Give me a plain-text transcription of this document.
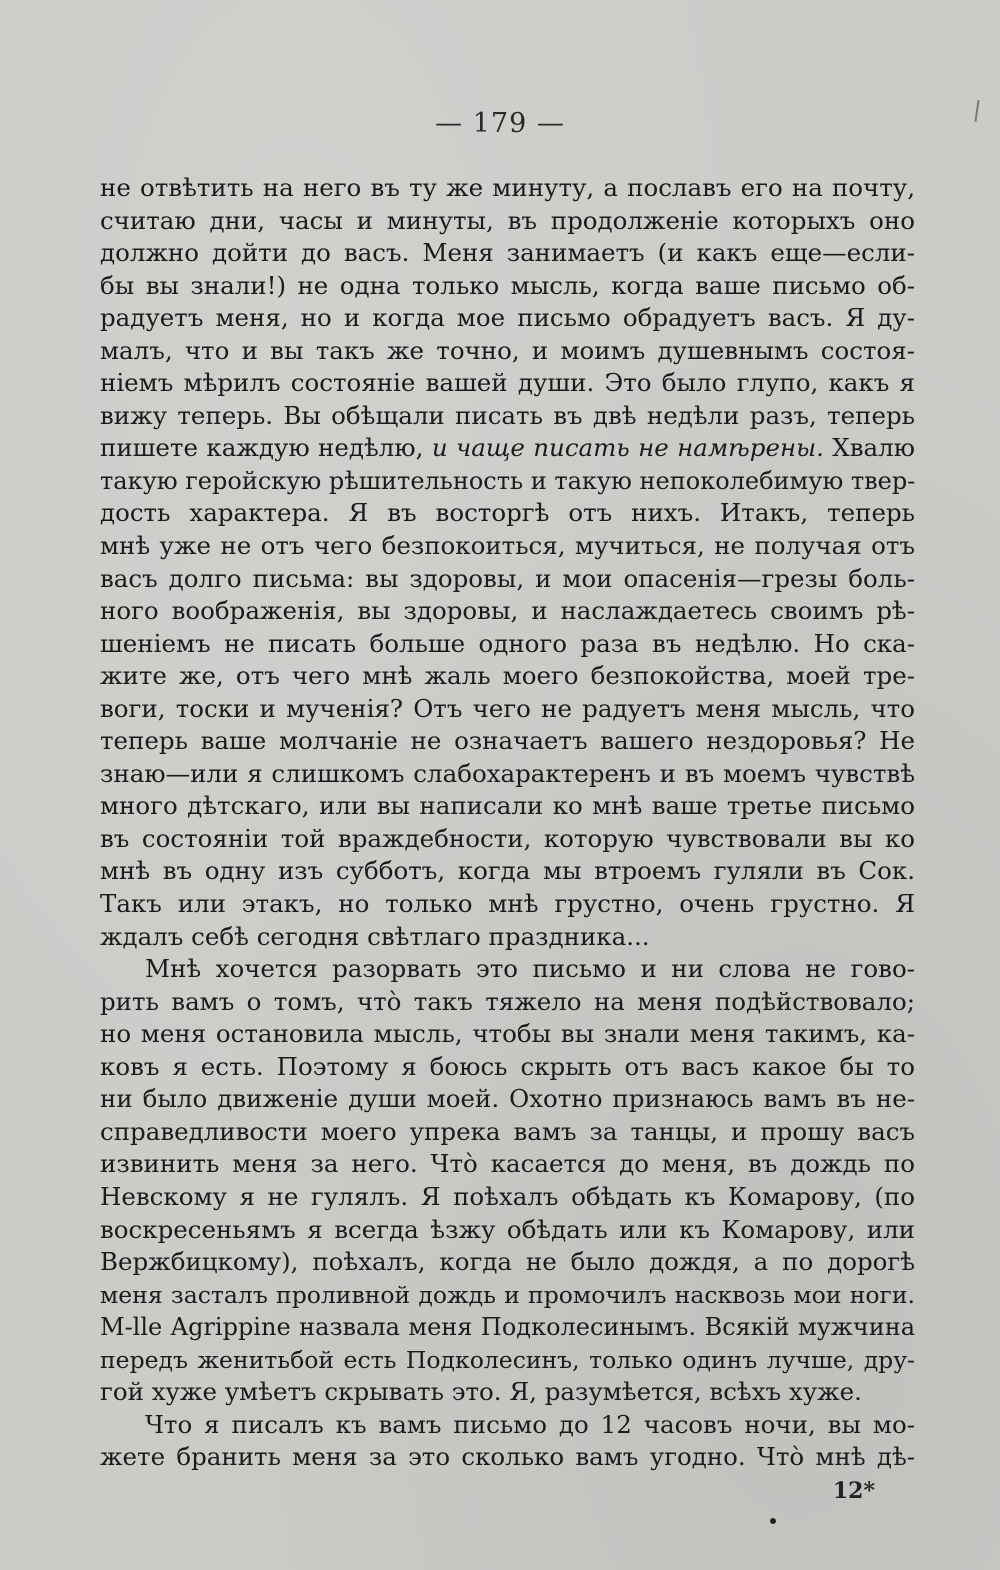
— 179 —
не отвѣтить на него въ ту же минуту, а пославъ его на почту,
считаю дни, часы и минуты, въ продолженіе которыхъ оно
должно дойти до васъ. Меня занимаетъ (и какъ еще—если-
бы вы знали!) не одна только мысль, когда ваше письмо об-
радуетъ меня, но и когда мое письмо обрадуетъ васъ. Я ду-
малъ, что и вы такъ же точно, и моимъ душевнымъ состоя-
ніемъ мѣрилъ состояніе вашей души. Это было глупо, какъ я
вижу теперь. Вы обѣщали писать въ двѣ недѣли разъ, теперь
пишете каждую недѣлю, и чаще писать не намѣрены. Хвалю
такую геройскую рѣшительность и такую непоколебимую твер-
дость характера. Я въ восторгѣ отъ нихъ. Итакъ, теперь
мнѣ уже не отъ чего безпокоиться, мучиться, не получая отъ
васъ долго письма: вы здоровы, и мои опасенія—грезы боль-
ного воображенія, вы здоровы, и наслаждаетесь своимъ рѣ-
шеніемъ не писать больше одного раза въ недѣлю. Но ска-
жите же, отъ чего мнѣ жаль моего безпокойства, моей тре-
воги, тоски и мученія? Отъ чего не радуетъ меня мысль, что
теперь ваше молчаніе не означаетъ вашего нездоровья? Не
знаю—или я слишкомъ слабохарактеренъ и въ моемъ чувствѣ
много дѣтскаго, или вы написали ко мнѣ ваше третье письмо
въ состояніи той враждебности, которую чувствовали вы ко
мнѣ въ одну изъ субботъ, когда мы втроемъ гуляли въ Сок.
Такъ или этакъ, но только мнѣ грустно, очень грустно. Я
ждалъ себѣ сегодня свѣтлаго праздника...
Мнѣ хочется разорвать это письмо и ни слова не гово-
рить вамъ о томъ, что̀ такъ тяжело на меня подѣйствовало;
но меня остановила мысль, чтобы вы знали меня такимъ, ка-
ковъ я есть. Поэтому я боюсь скрыть отъ васъ какое бы то
ни было движеніе души моей. Охотно признаюсь вамъ въ не-
справедливости моего упрека вамъ за танцы, и прошу васъ
извинить меня за него. Что̀ касается до меня, въ дождь по
Невскому я не гулялъ. Я поѣхалъ обѣдать къ Комарову, (по
воскресеньямъ я всегда ѣзжу обѣдать или къ Комарову, или
Вержбицкому), поѣхалъ, когда не было дождя, а по дорогѣ
меня засталъ проливной дождь и промочилъ насквозь мои ноги.
M-lle Agrippine назвала меня Подколесинымъ. Всякій мужчина
передъ женитьбой есть Подколесинъ, только одинъ лучше, дру-
гой хуже умѣетъ скрывать это. Я, разумѣется, всѣхъ хуже.
Что я писалъ къ вамъ письмо до 12 часовъ ночи, вы мо-
жете бранить меня за это сколько вамъ угодно. Что̀ мнѣ дѣ-
12*
